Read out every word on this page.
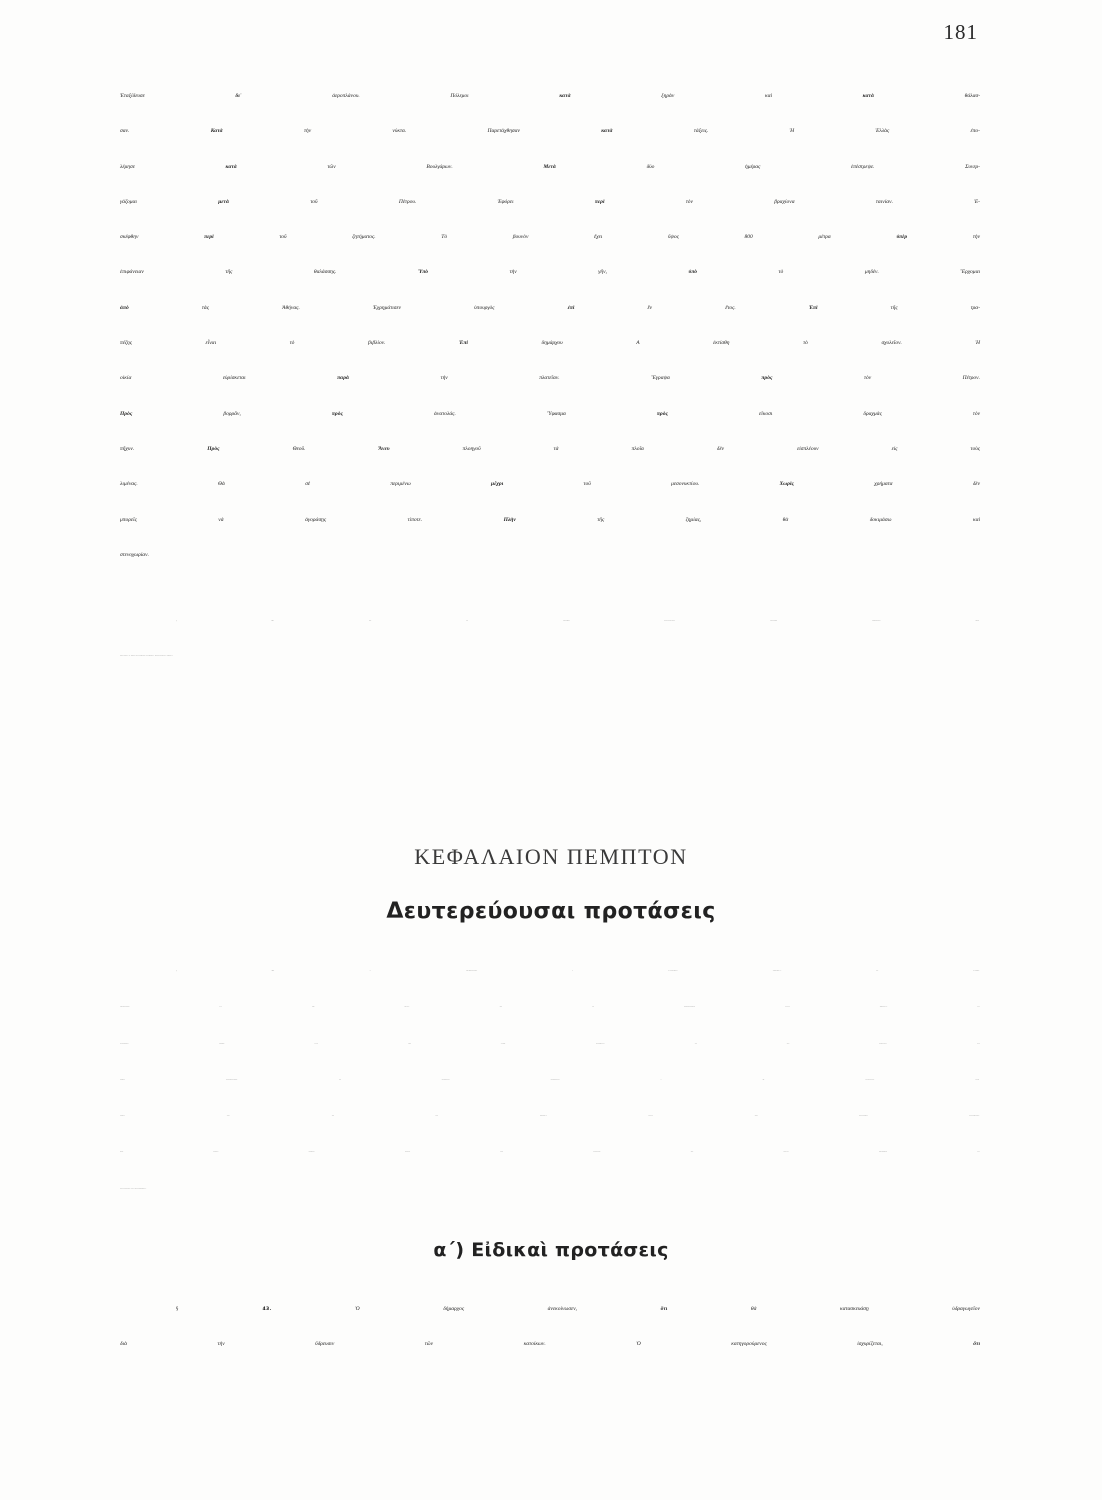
181
Ἐταξίδευσε δι᾿	ἀεροπλάνου. Πόλεμοι κατὰ	ξηρὰν καὶ κατὰ	θάλασ-
σαν. Κατὰ	τὴν νύκτα. Παρετάχθησαν κατὰ	τάξεις. Ἡ Ἑλλὰς ἐπο-
λέμησε κατὰ	τῶν Βουλγάρων. Μετὰ	δύο ἡμέρας ἐπέστρεψε. Συνερ-
γάζομαι μετὰ	τοῦ Πέτρου. Ἐφόρει περὶ	τὸν βραχίονα ταινίαν. Ἐ-
σκέφθην περὶ	τοῦ ζητήματος. Τὸ βουνὸν ἔχει ὕψος 800 μέτρα ὑπὲρ	τὴν
ἐπιφάνειαν τῆς θαλάσσης. Ὑπὸ	τὴν γῆν, ὑπὸ	τὸ μηδέν. Ἔρχομαι
ἀπὸ	τὰς Ἀθήνας. Ἐχρημάτισεν ὑπουργὸς ἐπὶ	ἓν ἔτος. Ἐπὶ	τῆς τρα-
πέζης εἶναι τὸ βιβλίον. Ἐπὶ	δημάρχου Α ἐκτίσθη τὸ σχολεῖον. Ἡ
οἰκία εὑρίσκεται παρὰ	τὴν πλατεῖαν. Ἔγραψα πρὸς	τὸν Πέτρον.
Πρὸς	βορρᾶν, πρὸς	ἀνατολάς. Ὕφασμα πρὸς	εἴκοσι δραχμὰς τὸν
πῆχυν. Πρὸς	Θεοῦ. Ἄνευ	πλοηγοῦ τὰ πλοῖα δὲν εἰσπλέουν εἰς τοὺς
λιμένας. Θὰ σὲ περιμένω μέχρι	τοῦ μεσονυκτίου. Χωρὶς	χρήματα δὲν
μπορεῖς νὰ ἀγοράσῃς τίποτε. Πλὴν	τῆς ζημίας, θὰ δοκιμάσω καὶ
στενοχωρίαν.
§	41.	Εἰς τὰ ἀνωτέρω παραδείγματα ἀπαντοῦν ἐμπρόθετοι προσ-
διορισμοί, οἱ ὁποῖοι φανερώνουν διαφόρους ἐπιρρηματικὰς σχέσεις.
ΚΕΦΑΛΑΙΟΝ ΠΕΜΠΤΟΝ
Δευτερεύουσαι προτάσεις
§	42.	Αἱ δευτερεύουσαι ἢ ἐξηρτημέναι προτάσεις, ὡς εἴδομεν,
χρησιμεύουν εἰς τὸν λόγον, διὰ νὰ προσδιορίσουν ἄλλην πρότασιν, καὶ
ἐξαρτῶνται τρόπον τινὰ ἀπὸ αὐτήν. Συνδέονται μὲ τὴν πρότασιν, τὴν
ὁποίαν προσδιορίζουν, μὲ διαφόρους συνδέσμους ἢ μὲ ἀναφορικὰς ἀντω-
νυμίας κλπ. Μὲ τὴν σύνδεσιν αὐτὴν τῶν προτάσεων φανερώνεται,
ποία σχέσις ὑπάρχει μεταξὺ τοῦ νοήματος τῆς κυρίας προτάσεως καὶ
τοῦ νοήματος τῆς δευτερευούσης.
α΄) Εἰδικαὶ προτάσεις
§	43.	Ὁ δήμαρχος ἀνεκοίνωσεν, ὅτι θὰ κατασκευάσῃ ὑδραγωγεῖον
διὰ τὴν ὕδρευσιν τῶν κατοίκων. Ὁ κατηγορούμενος ἰσχυρίζεται, ὅτι
